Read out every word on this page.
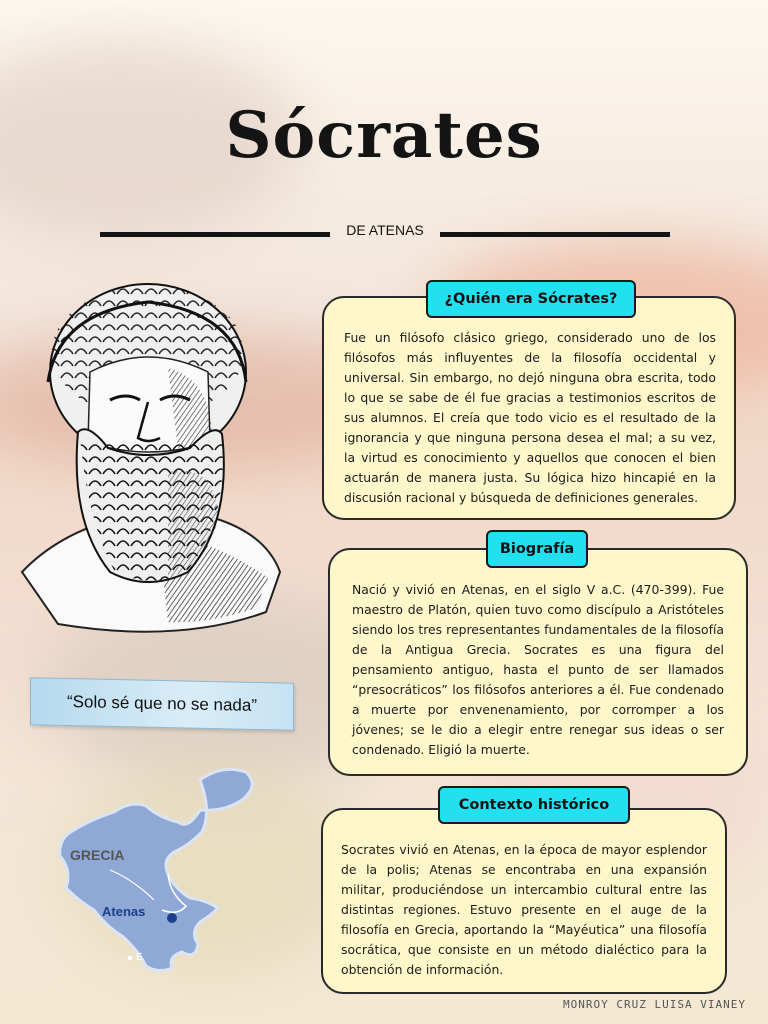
Sócrates
DE ATENAS
“Solo sé que no se nada”
GRECIA
Atenas
E
Fue un filósofo clásico griego, considerado uno de los filósofos más influyentes de la filosofía occidental y universal. Sin embargo, no dejó ninguna obra escrita, todo lo que se sabe de él fue gracias a testimonios escritos de sus alumnos. El creía que todo vicio es el resultado de la ignorancia y que ninguna persona desea el mal; a su vez, la virtud es conocimiento y aquellos que conocen el bien actuarán de manera justa. Su lógica hizo hincapié en la discusión racional y búsqueda de definiciones generales.
¿Quién era Sócrates?
Nació y vivió en Atenas, en el siglo V a.C. (470-399). Fue maestro de Platón, quien tuvo como discípulo a Aristóteles siendo los tres representantes fundamentales de la filosofía de la Antigua Grecia. Socrates es una figura del pensamiento antiguo, hasta el punto de ser llamados “presocráticos” los filósofos anteriores a él. Fue condenado a muerte por envenenamiento, por corromper a los jóvenes; se le dio a elegir entre renegar sus ideas o ser condenado. Eligió la muerte.
Biografía
Socrates vivió en Atenas, en la época de mayor esplendor de la polis; Atenas se encontraba en una expansión militar, produciéndose un intercambio cultural entre las distintas regiones. Estuvo presente en el auge de la filosofía en Grecia, aportando la “Mayéutica” una filosofía socrática, que consiste en un método dialéctico para la obtención de información.
Contexto histórico
MONROY CRUZ LUISA VIANEY
